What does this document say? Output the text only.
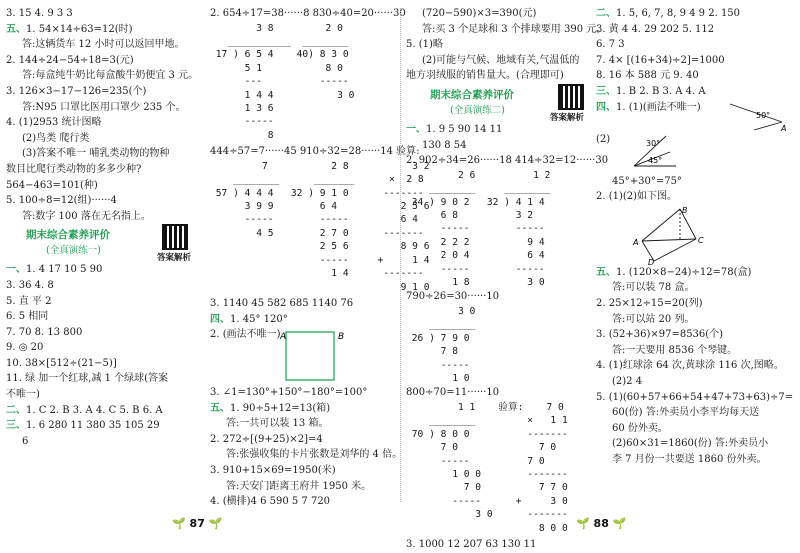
3. 15 4. 9 3 3

五、1. 54×14÷63=12(时)

答:这辆货车 12 小时可以返回甲地。

2. 144÷24−54÷18=3(元)

答:每盒纯牛奶比每盒酸牛奶便宜 3 元。

3. 126×3−17−126=235(个)

答:N95 口罩比医用口罩少 235 个。

4. (1)2953 统计图略

(2)鸟类 爬行类

(3)答案不唯一 哺乳类动物的物种

数目比爬行类动物的多多少种?

564−463=101(种)

5. 100÷8=12(组)······4

答:数字 100 落在无名指上。

期末综合素养评价
(全真演练一)
答案解析

一、1. 4 17 10 5 90

3. 36 4. 8

5. 直 平 2

6. 5 相同

7. 70 8. 13 800

9. ◎ 20

10. 38×[512÷(21−5)]

11. 绿 加一个红球,减 1 个绿球(答案

不唯一)

二、1. C 2. B 3. A 4. C 5. B 6. A

三、1. 6 280 11 380 35 105 29

6

2. 654÷17=38······8 830÷40=20······30

3 8         2 0
___________  ________
17 ) 6 5 4    40) 8 3 0
5 1           8 0
---          -----
1 4 4           3 0
1 3 6
-----
8

444÷57=7······45 910÷32=28······14 验算:

7           2 8           3 2
________      _______      ×  2 8
57 ) 4 4 4   32 ) 9 1 0      -------
3 9 9        6 4           2 5 6
-----        -----         6 4
4 5        2 7 0      -------
2 5 6         8 9 6
-----     +     1 4
1 4      -------
9 1 0

3. 1140 45 582 685 1140 76

四、1. 45° 120°

2. (画法不唯一) A	B

3. ∠1=130°+150°−180°=100°

五、1. 90÷5+12=13(箱)

答:一共可以装 13 箱。

2. 272÷[(9+25)×2]=4

答:张强收集的卡片张数是刘华的 4 倍。

3. 910+15×69=1950(米)

答:天安门距离王府井 1950 米。

4. (横排)4 6 590 5 7 720

🌱 87 🌱

(720−590)×3=390(元)

答:买 3 个足球和 3 个排球要用 390 元。

5. (1)略

(2)可能与气候、地域有关,气温低的

地方羽绒服的销售量大。(合理即可)

期末综合素养评价
(全真演练二)
答案解析

一、1. 9 5 90 14 11

130 8 54

2. 902÷34=26······18 414÷32=12······30

2 6          1 2
________     ________
34 ) 9 0 2   32 ) 4 1 4
6 8          3 2
-----        -----
2 2 2          9 4
2 0 4          6 4
-----        -----
1 8          3 0

790÷26=30······10

3 0
________
26 ) 7 9 0
7 8
-----
1 0

800÷70=11······10

1 1    验算:    7 0
________         ×   1 1
70 ) 8 0 0          -------
7 0              7 0
-----          7 0
1 0 0        -------
7 0          7 7 0
-----      +     3 0
3 0      -------
8 0 0

3. 1000 12 207 63 130 11

二、1. 5, 6, 7, 8, 9 4 9 2. 150

3. 黄 4 4. 29 202 5. 112

6. 7 3

7. 4× [(16+34)÷2]=1000

8. 16 本 588 元 9. 40

三、1. B 2. B 3. A 4. A

四、1. (1)(画法不唯一)
50°
A
(2)	30°
45°

45°+30°=75°

2. (1)(2)如下图。

A
B
C
D

五、1. (120×8−24)÷12=78(盒)

答:可以装 78 盒。

2. 25×12÷15=20(列)

答:可以站 20 列。

3. (52+36)×97=8536(个)

答:一天要用 8536 个琴键。

4. (1)红球涂 64 次,黄球涂 116 次,图略。

(2)2 4

5. (1)(60+57+66+54+47+73+63)÷7=

60(份) 答:外卖员小李平均每天送

60 份外卖。

(2)60×31=1860(份) 答:外卖员小

李 7 月份一共要送 1860 份外卖。

🌱 88 🌱
